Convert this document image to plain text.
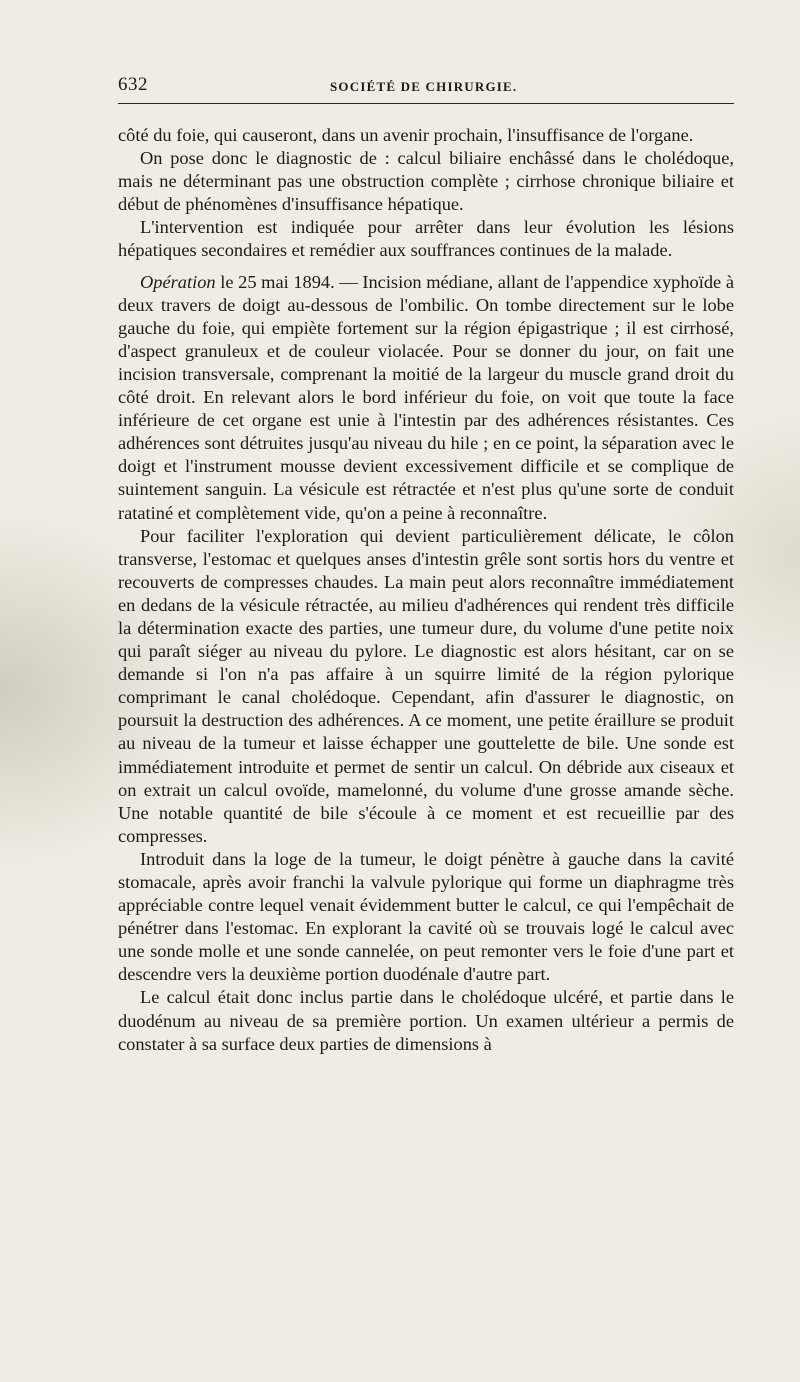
632	SOCIÉTÉ DE CHIRURGIE.

côté du foie, qui causeront, dans un avenir prochain, l'insuffisance de l'organe.

On pose donc le diagnostic de : calcul biliaire enchâssé dans le cholédoque, mais ne déterminant pas une obstruction complète ; cirrhose chronique biliaire et début de phénomènes d'insuffisance hépatique.

L'intervention est indiquée pour arrêter dans leur évolution les lésions hépatiques secondaires et remédier aux souffrances continues de la malade.

Opération le 25 mai 1894. — Incision médiane, allant de l'appendice xyphoïde à deux travers de doigt au-dessous de l'ombilic. On tombe directement sur le lobe gauche du foie, qui empiète fortement sur la région épigastrique ; il est cirrhosé, d'aspect granuleux et de couleur violacée. Pour se donner du jour, on fait une incision transversale, comprenant la moitié de la largeur du muscle grand droit du côté droit. En relevant alors le bord inférieur du foie, on voit que toute la face inférieure de cet organe est unie à l'intestin par des adhérences résistantes. Ces adhérences sont détruites jusqu'au niveau du hile ; en ce point, la séparation avec le doigt et l'instrument mousse devient excessivement difficile et se complique de suintement sanguin. La vésicule est rétractée et n'est plus qu'une sorte de conduit ratatiné et complètement vide, qu'on a peine à reconnaître.

Pour faciliter l'exploration qui devient particulièrement délicate, le côlon transverse, l'estomac et quelques anses d'intestin grêle sont sortis hors du ventre et recouverts de compresses chaudes. La main peut alors reconnaître immédiatement en dedans de la vésicule rétractée, au milieu d'adhérences qui rendent très difficile la détermination exacte des parties, une tumeur dure, du volume d'une petite noix qui paraît siéger au niveau du pylore. Le diagnostic est alors hésitant, car on se demande si l'on n'a pas affaire à un squirre limité de la région pylorique comprimant le canal cholédoque. Cependant, afin d'assurer le diagnostic, on poursuit la destruction des adhérences. A ce moment, une petite éraillure se produit au niveau de la tumeur et laisse échapper une gouttelette de bile. Une sonde est immédiatement introduite et permet de sentir un calcul. On débride aux ciseaux et on extrait un calcul ovoïde, mamelonné, du volume d'une grosse amande sèche. Une notable quantité de bile s'écoule à ce moment et est recueillie par des compresses.

Introduit dans la loge de la tumeur, le doigt pénètre à gauche dans la cavité stomacale, après avoir franchi la valvule pylorique qui forme un diaphragme très appréciable contre lequel venait évidemment butter le calcul, ce qui l'empêchait de pénétrer dans l'estomac. En explorant la cavité où se trouvais logé le calcul avec une sonde molle et une sonde cannelée, on peut remonter vers le foie d'une part et descendre vers la deuxième portion duodénale d'autre part.

Le calcul était donc inclus partie dans le cholédoque ulcéré, et partie dans le duodénum au niveau de sa première portion. Un examen ultérieur a permis de constater à sa surface deux parties de dimensions à
